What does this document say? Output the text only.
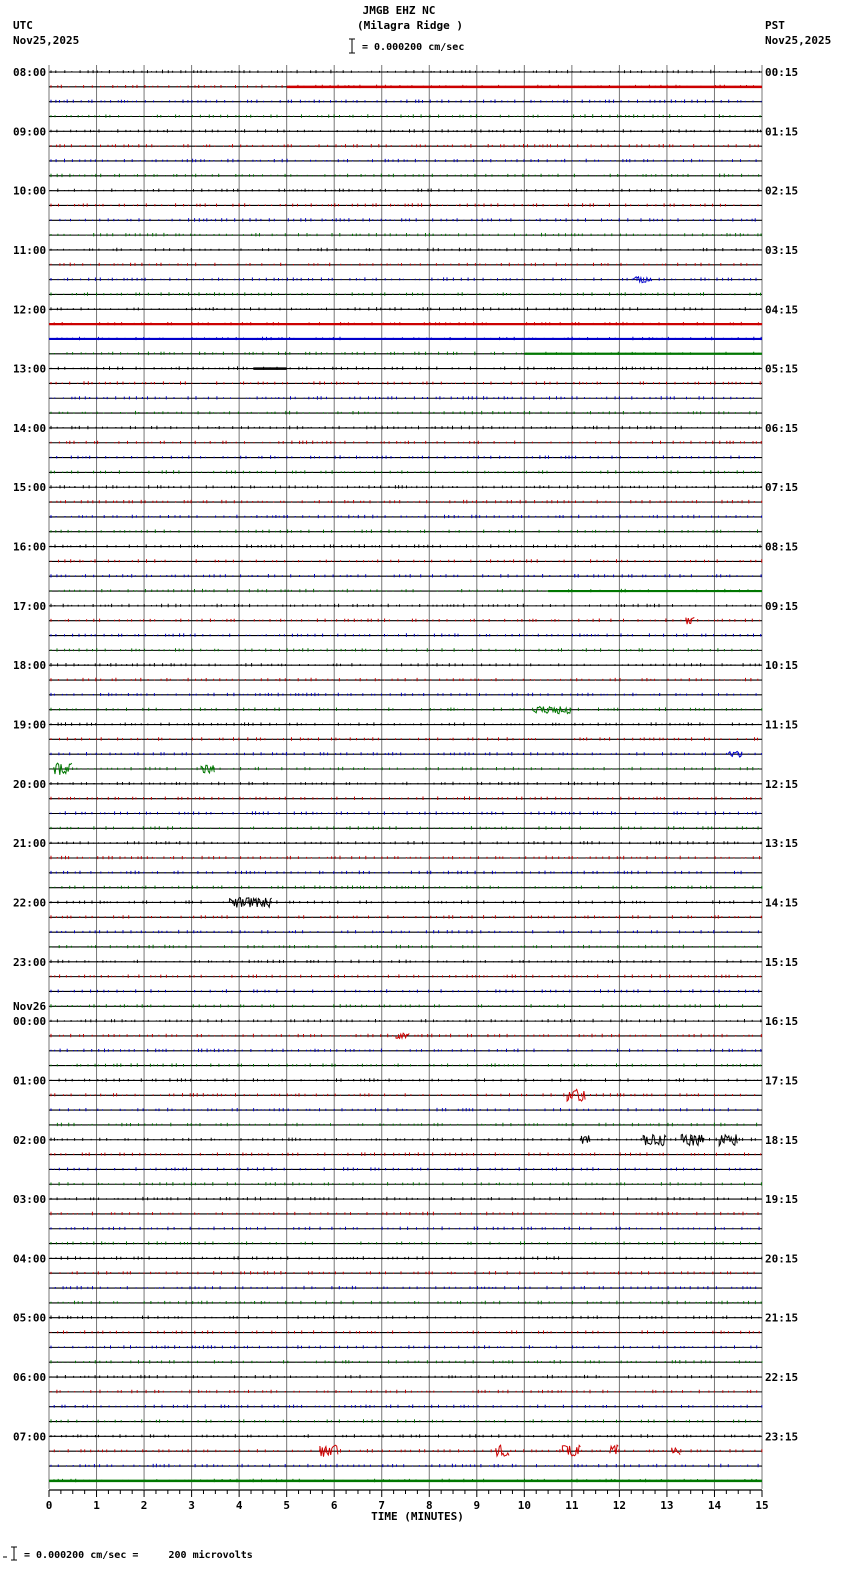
JMGB EHZ NC
(Milagra Ridge )
UTC
Nov25,2025
PST
Nov25,2025
= 0.000200 cm/sec
= 0.000200 cm/sec =     200 microvolts
08:00	00:15
09:00	01:15
10:00	02:15
11:00	03:15
12:00	04:15
13:00	05:15
14:00	06:15
15:00	07:15
16:00	08:15
17:00	09:15
18:00	10:15
19:00	11:15
20:00	12:15
21:00	13:15
22:00	14:15
23:00	15:15
00:00	16:15
01:00	17:15
02:00	18:15
03:00	19:15
04:00	20:15
05:00	21:15
06:00	22:15
07:00	23:15
Nov26
0	1	2	3	4	5	6	7	8	9	10	11	12	13	14	15
TIME (MINUTES)
